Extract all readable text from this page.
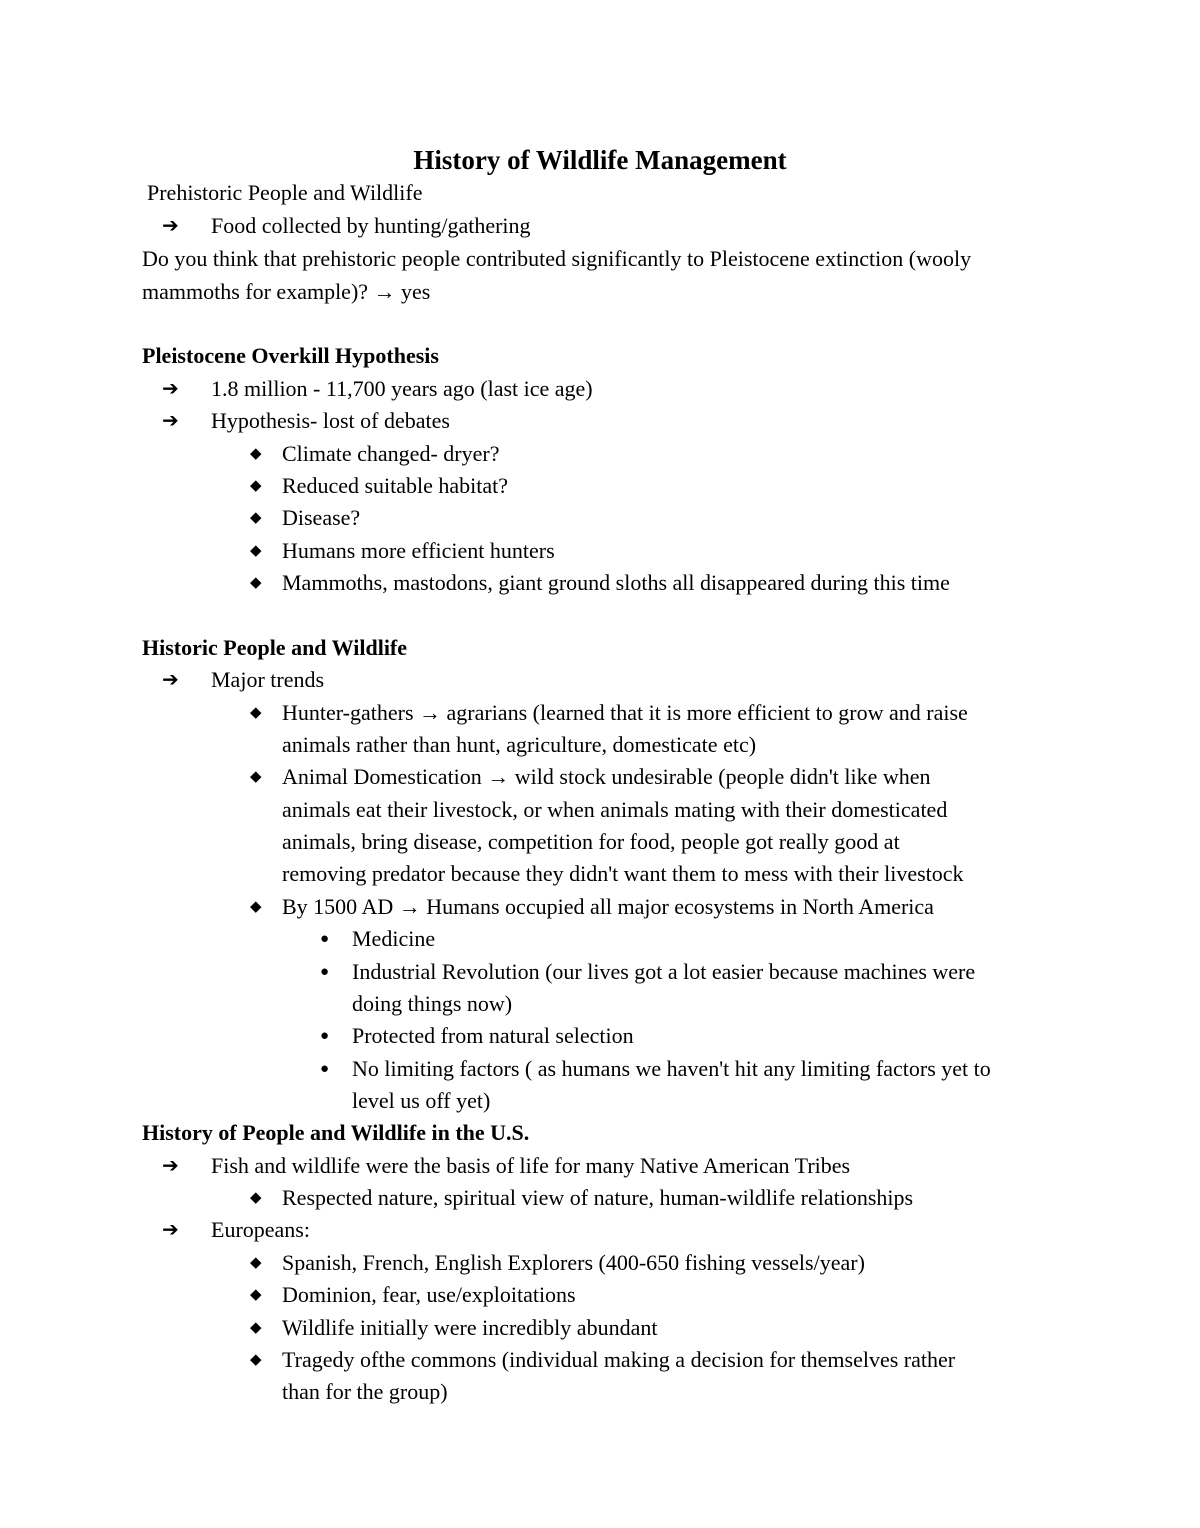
History of Wildlife Management
Prehistoric People and Wildlife
➔ Food collected by hunting/gathering
Do you think that prehistoric people contributed significantly to Pleistocene extinction (wooly
mammoths for example)? → yes
Pleistocene Overkill Hypothesis
➔ 1.8 million - 11,700 years ago (last ice age)
➔ Hypothesis- lost of debates
◆ Climate changed- dryer?
◆ Reduced suitable habitat?
◆ Disease?
◆ Humans more efficient hunters
◆ Mammoths, mastodons, giant ground sloths all disappeared during this time
Historic People and Wildlife
➔ Major trends
◆ Hunter-gathers → agrarians (learned that it is more efficient to grow and raise
animals rather than hunt, agriculture, domesticate etc)
◆ Animal Domestication → wild stock undesirable (people didn't like when
animals eat their livestock, or when animals mating with their domesticated
animals, bring disease, competition for food, people got really good at
removing predator because they didn't want them to mess with their livestock
◆ By 1500 AD → Humans occupied all major ecosystems in North America
● Medicine
● Industrial Revolution (our lives got a lot easier because machines were
doing things now)
● Protected from natural selection
● No limiting factors ( as humans we haven't hit any limiting factors yet to
level us off yet)
History of People and Wildlife in the U.S.
➔ Fish and wildlife were the basis of life for many Native American Tribes
◆ Respected nature, spiritual view of nature, human-wildlife relationships
➔ Europeans:
◆ Spanish, French, English Explorers (400-650 fishing vessels/year)
◆ Dominion, fear, use/exploitations
◆ Wildlife initially were incredibly abundant
◆ Tragedy ofthe commons (individual making a decision for themselves rather
than for the group)
